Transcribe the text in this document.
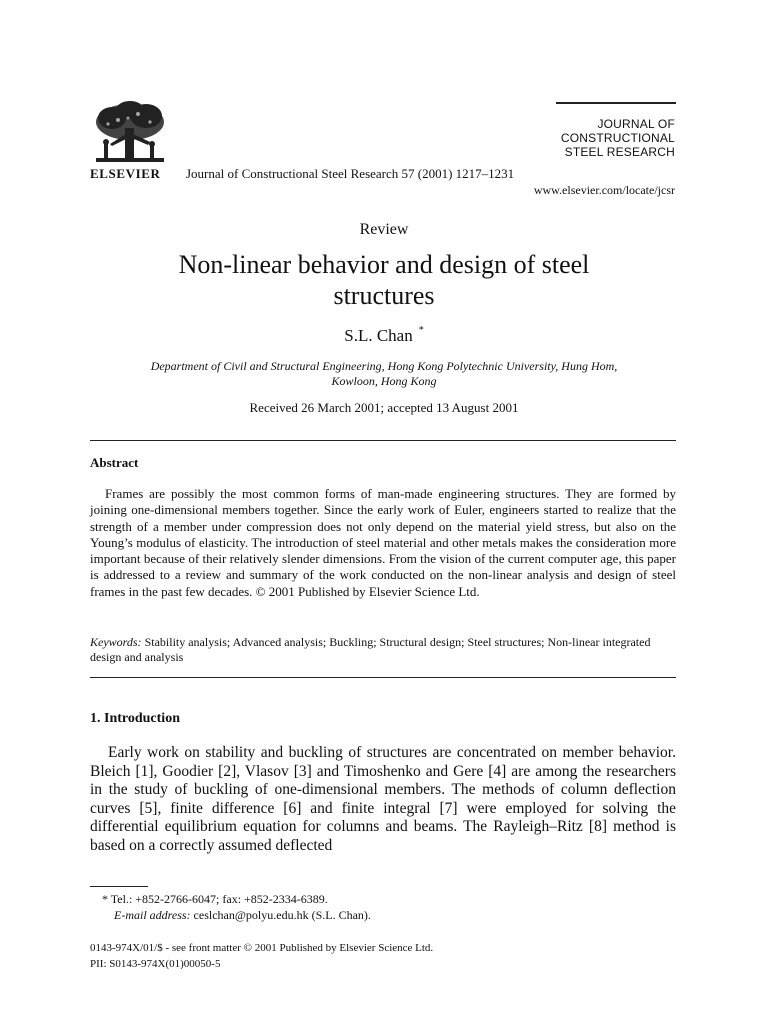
ELSEVIER Journal of Constructional Steel Research 57 (2001) 1217–1231
JOURNAL OF
CONSTRUCTIONAL
STEEL RESEARCH
www.elsevier.com/locate/jcsr
Review
Non-linear behavior and design of steel
structures
S.L. Chan *
Department of Civil and Structural Engineering, Hong Kong Polytechnic University, Hung Hom,
Kowloon, Hong Kong
Received 26 March 2001; accepted 13 August 2001
Abstract

Frames are possibly the most common forms of man-made engineering structures. They are formed by joining one-dimensional members together. Since the early work of Euler, engineers started to realize that the strength of a member under compression does not only depend on the material yield stress, but also on the Young’s modulus of elasticity. The introduction of steel material and other metals makes the consideration more important because of their relatively slender dimensions. From the vision of the current computer age, this paper is addressed to a review and summary of the work conducted on the non-linear analysis and design of steel frames in the past few decades. © 2001 Published by Elsevier Science Ltd.

Keywords: Stability analysis; Advanced analysis; Buckling; Structural design; Steel structures; Non-linear integrated design and analysis

1. Introduction

Early work on stability and buckling of structures are concentrated on member behavior. Bleich [1], Goodier [2], Vlasov [3] and Timoshenko and Gere [4] are among the researchers in the study of buckling of one-dimensional members. The methods of column deflection curves [5], finite difference [6] and finite integral [7] were employed for solving the differential equilibrium equation for columns and beams. The Rayleigh–Ritz [8] method is based on a correctly assumed deflected

* Tel.: +852-2766-6047; fax: +852-2334-6389.
E-mail address: ceslchan@polyu.edu.hk (S.L. Chan).
0143-974X/01/$ - see front matter © 2001 Published by Elsevier Science Ltd.
PII: S0143-974X(01)00050-5
